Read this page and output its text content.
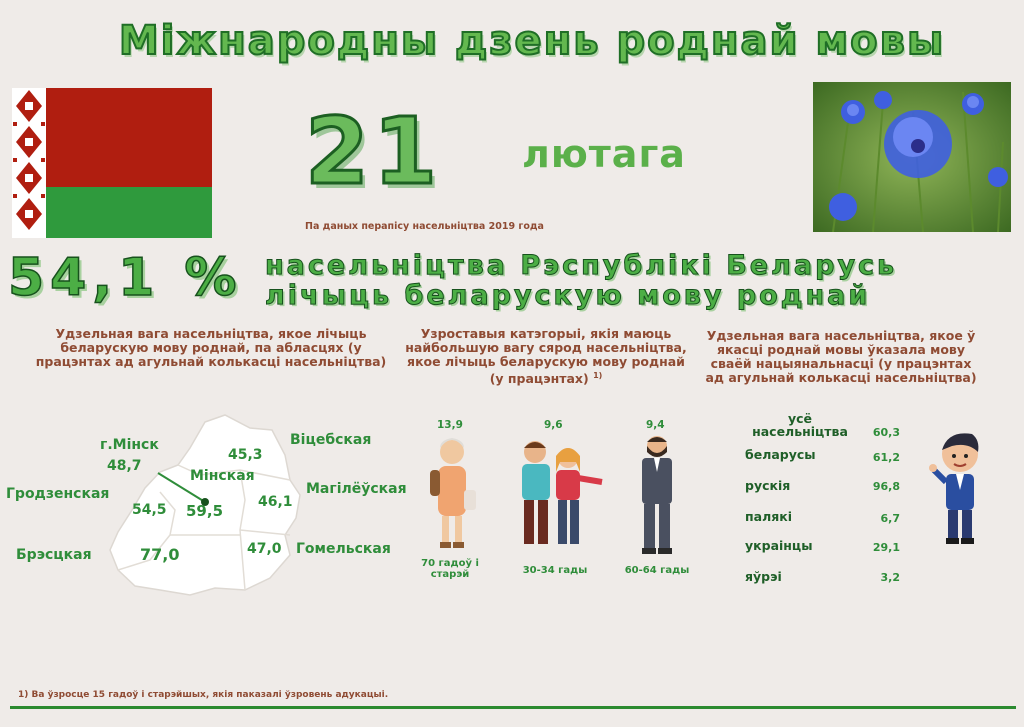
Міжнародны дзень роднай мовы
21 лютага
Па даных перапісу насельніцтва 2019 года
54,1 % насельніцтва Рэспублікі Беларусь
лічыць беларускую мову роднай
Удзельная вага насельніцтва, якое лічыць беларускую мову роднай, па абласцях (у працэнтах ад агульнай колькасці насельніцтва)
Узроставыя катэгорыі, якія маюць найбольшую вагу сярод насельніцтва, якое лічыць беларускую мову роднай (у працэнтах) $^{1)}$
Удзельная вага насельніцтва, якое ў якасці роднай мовы ўказала мову сваёй нацыянальнасці (у працэнтах ад агульнай колькасці насельніцтва)
г.Мінск
48,7
Віцебская
45,3
Мінская
59,5
Гродзенская
54,5
Магілёўская
46,1
Брэсцкая	77,0	Гомельская
47,0
13,9	9,6	9,4
70 гадоў і старэй	30-34 гады	60-64 гады
усё насельніцтва	60,3
беларусы	61,2
рускія	96,8
палякі	6,7
украінцы	29,1
яўрэі	3,2
1) Ва ўзросце 15 гадоў і старэйшых, якія паказалі ўзровень адукацыі.
